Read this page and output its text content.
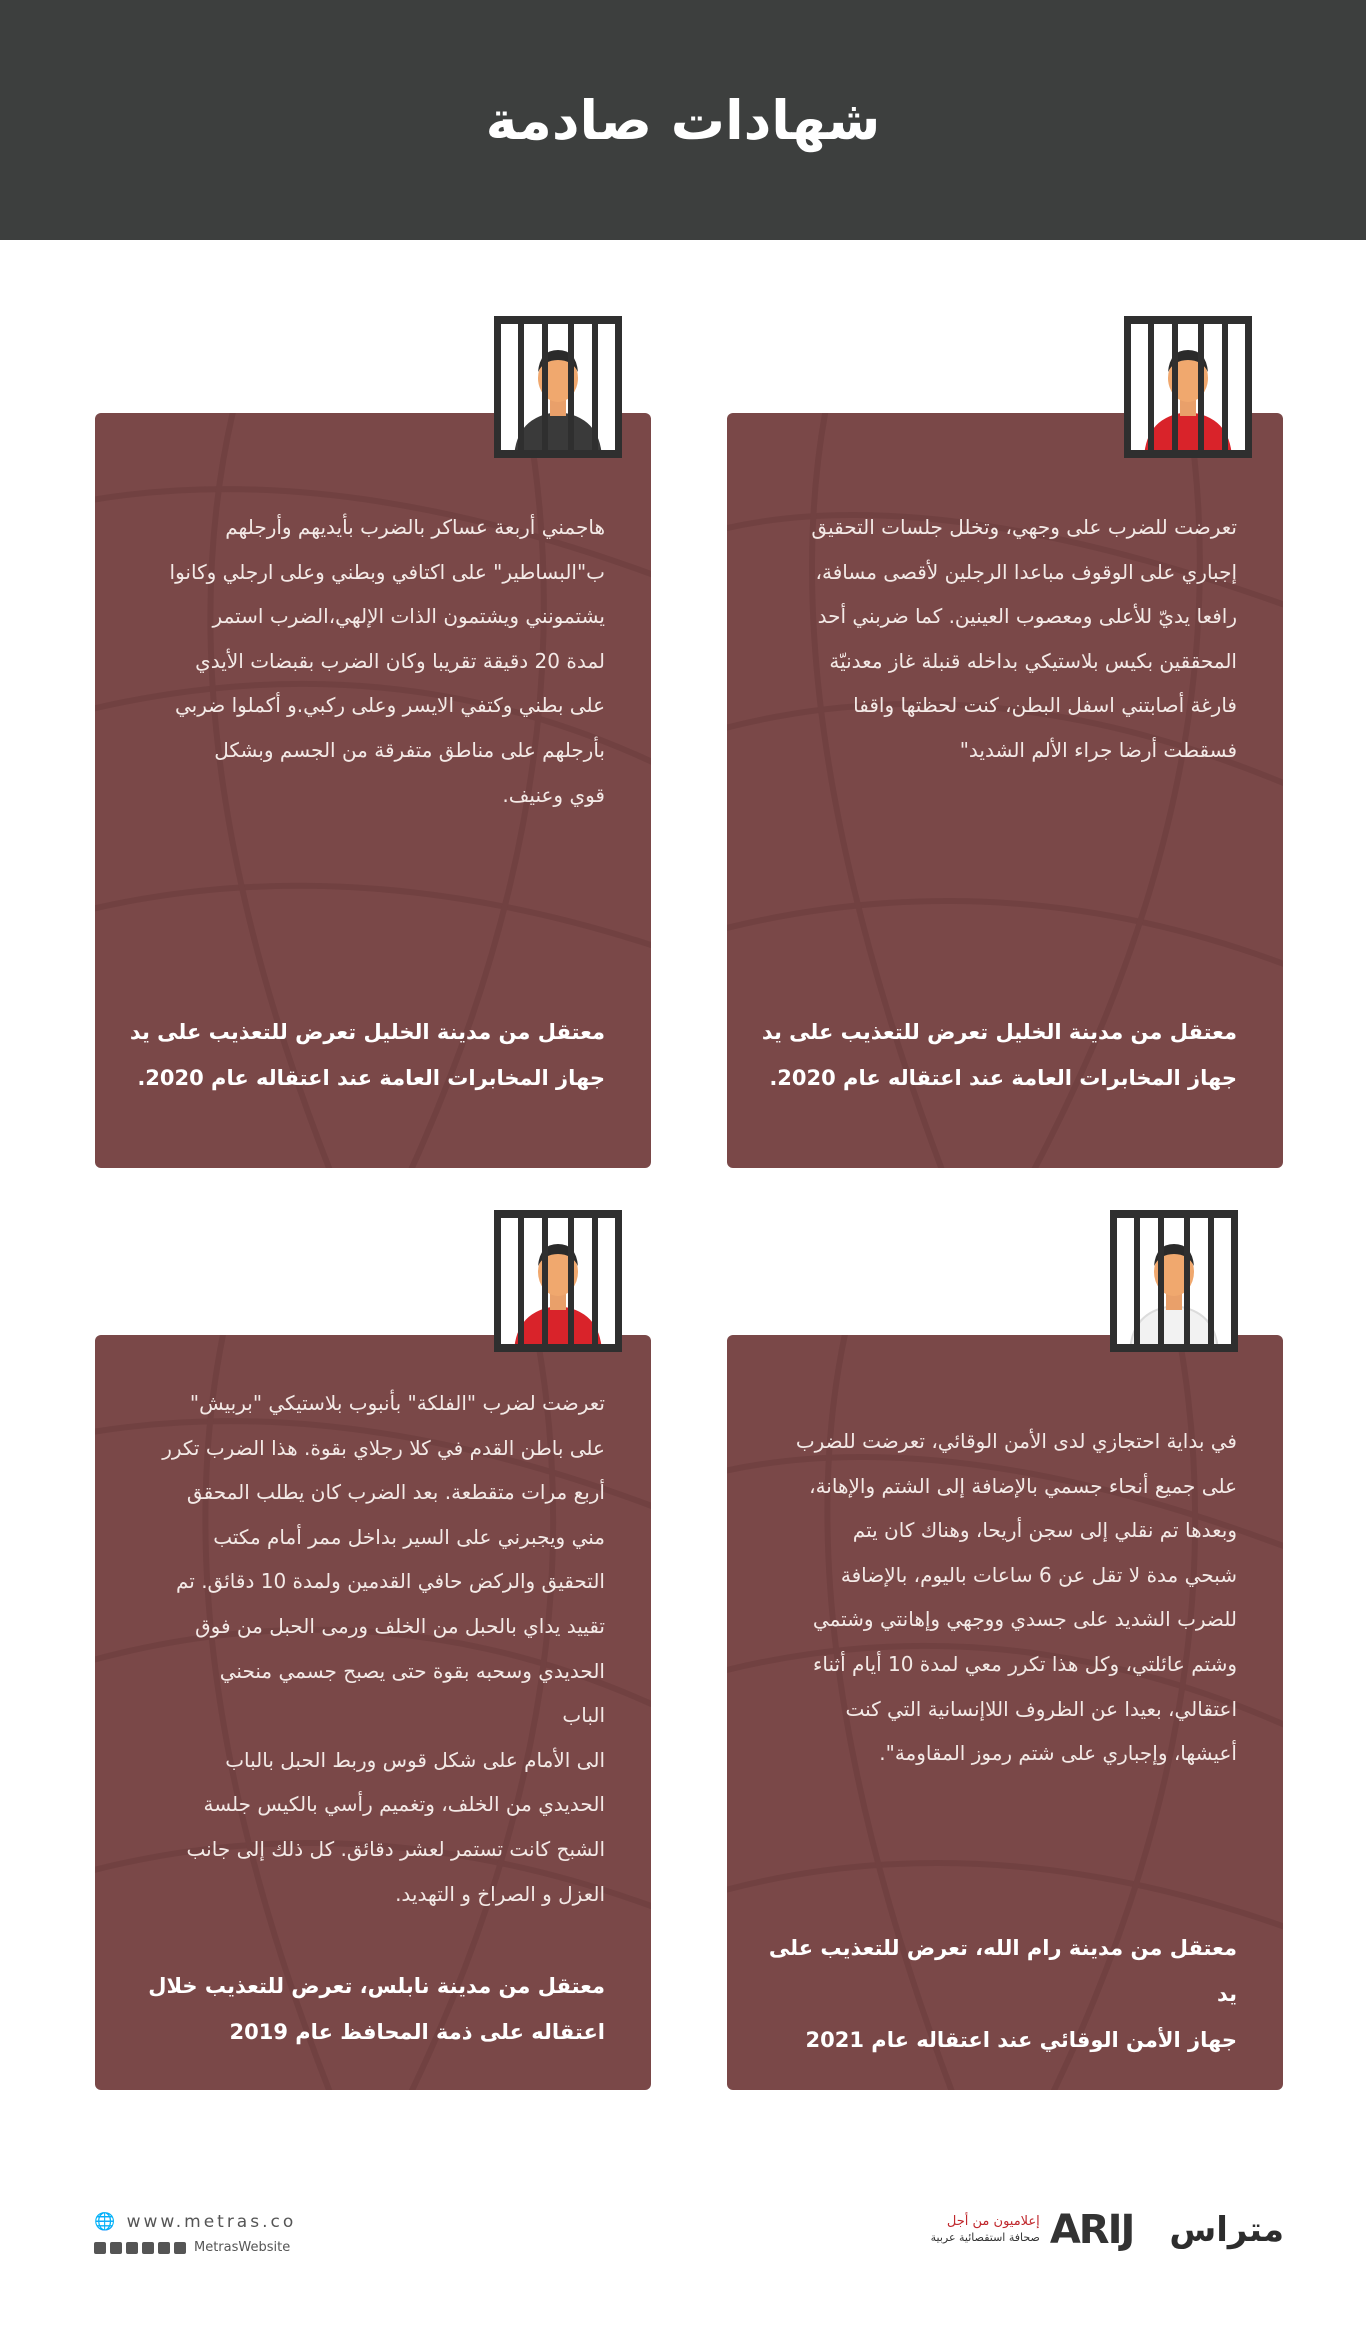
شهادات صادمة
تعرضت للضرب على وجهي، وتخلل جلسات التحقيق
إجباري على الوقوف مباعدا الرجلين لأقصى مسافة،
رافعا يديّ للأعلى ومعصوب العينين. كما ضربني أحد
المحققين بكيس بلاستيكي بداخله قنبلة غاز معدنيّة
فارغة أصابتني اسفل البطن، كنت لحظتها واقفا
فسقطت أرضا جراء الألم الشديد"
معتقل من مدينة الخليل تعرض للتعذيب على يد
جهاز المخابرات العامة عند اعتقاله عام 2020.
هاجمني أربعة عساكر بالضرب بأيديهم وأرجلهم
ب"البساطير" على اكتافي وبطني وعلى ارجلي وكانوا
يشتمونني ويشتمون الذات الإلهي،الضرب استمر
لمدة 20 دقيقة تقريبا وكان الضرب بقبضات الأيدي
على بطني وكتفي الايسر وعلى ركبي.و أكملوا ضربي
بأرجلهم على مناطق متفرقة من الجسم وبشكل
قوي وعنيف.
معتقل من مدينة الخليل تعرض للتعذيب على يد
جهاز المخابرات العامة عند اعتقاله عام 2020.
في بداية احتجازي لدى الأمن الوقائي، تعرضت للضرب
على جميع أنحاء جسمي بالإضافة إلى الشتم والإهانة،
وبعدها تم نقلي إلى سجن أريحا، وهناك كان يتم
شبحي مدة لا تقل عن 6 ساعات باليوم، بالإضافة
للضرب الشديد على جسدي ووجهي وإهانتي وشتمي
وشتم عائلتي، وكل هذا تكرر معي لمدة 10 أيام أثناء
اعتقالي، بعيدا عن الظروف اللاإنسانية التي كنت
أعيشها، وإجباري على شتم رموز المقاومة".
معتقل من مدينة رام الله، تعرض للتعذيب على يد
جهاز الأمن الوقائي عند اعتقاله عام 2021
تعرضت لضرب "الفلكة" بأنبوب بلاستيكي "بربيش"
على باطن القدم في كلا رجلاي بقوة. هذا الضرب تكرر
أربع مرات متقطعة. بعد الضرب كان يطلب المحقق
مني ويجبرني على السير بداخل ممر أمام مكتب
التحقيق والركض حافي القدمين ولمدة 10 دقائق. تم
تقييد يداي بالحبل من الخلف ورمى الحبل من فوق
الحديدي وسحبه بقوة حتى يصبح جسمي منحني
الباب
الى الأمام على شكل قوس وربط الحبل بالباب
الحديدي من الخلف، وتغميم رأسي بالكيس جلسة
الشبح كانت تستمر لعشر دقائق. كل ذلك إلى جانب
العزل و الصراخ و التهديد.
معتقل من مدينة نابلس، تعرض للتعذيب خلال
اعتقاله على ذمة المحافظ عام 2019
🌐 www.metras.co
MetrasWebsite
إعلاميون من أجل
صحافة استقصائية عربية ARIJ متراس
